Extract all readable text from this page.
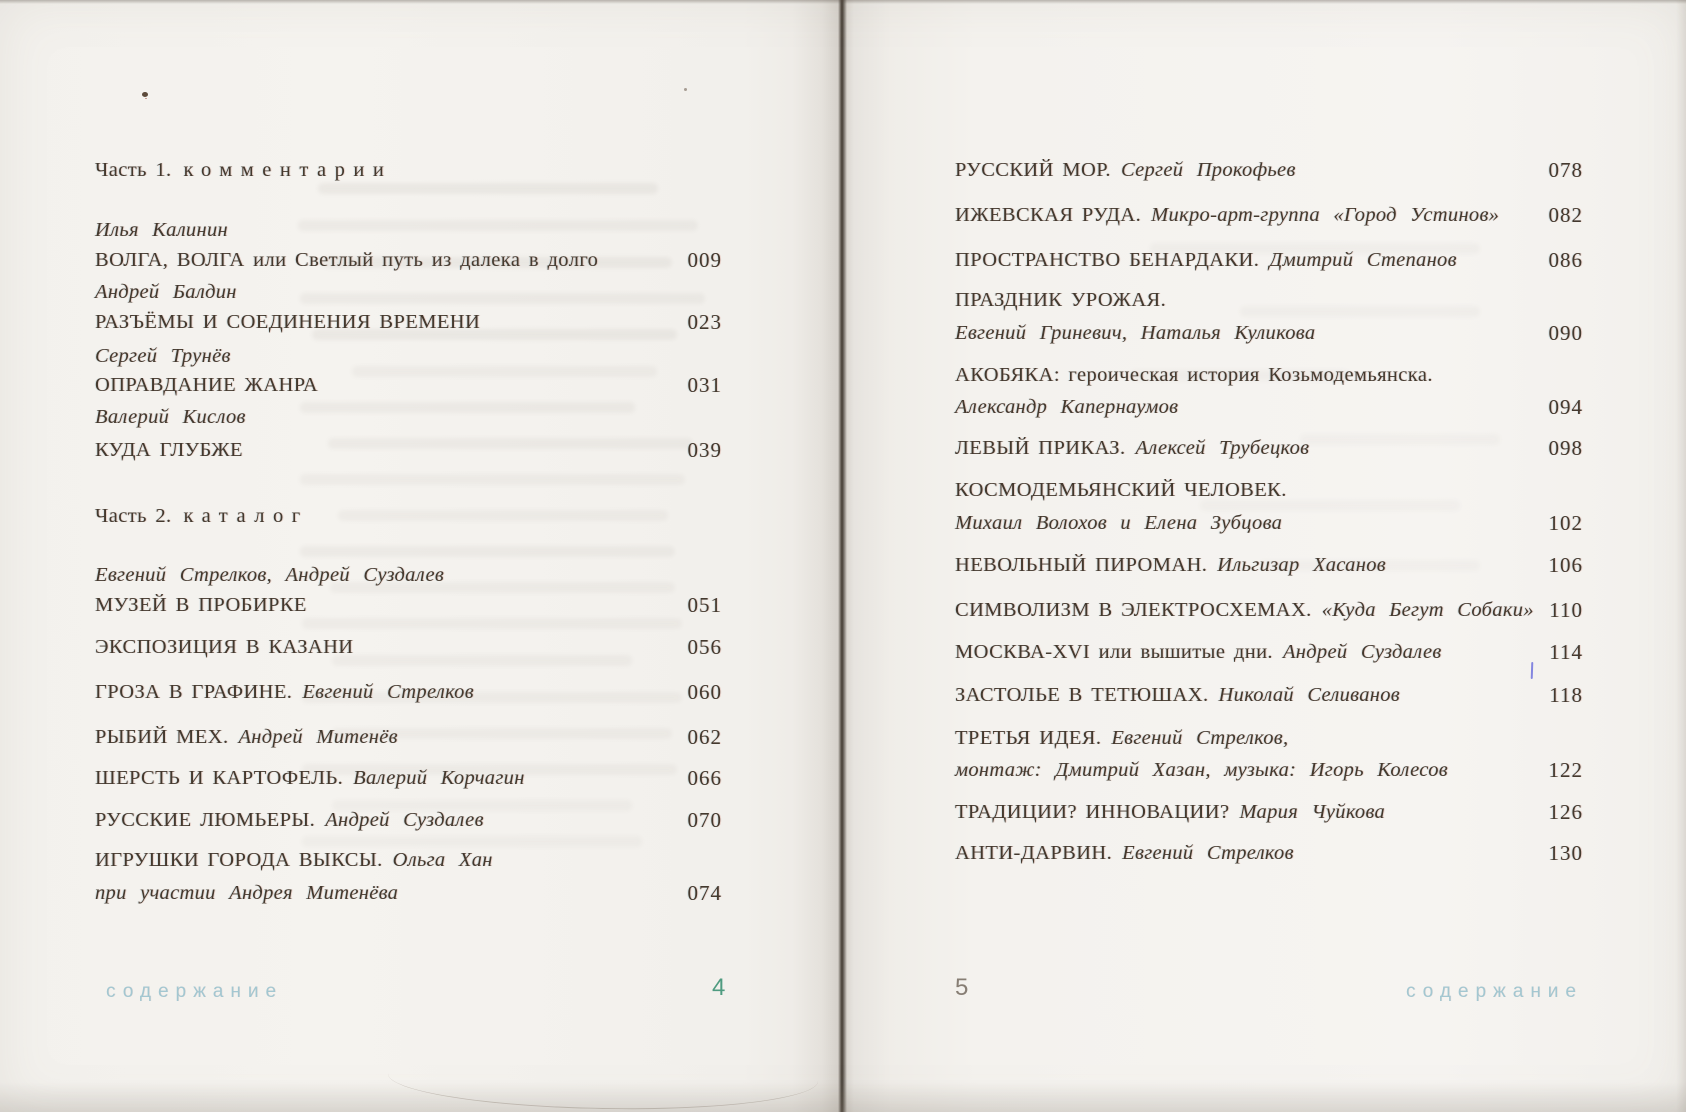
Часть 1. комментарии
Часть 2. каталог
Илья Калинин
ВОЛГА, ВОЛГА или Светлый путь из далека в долго	009
Андрей Балдин
РАЗЪЁМЫ И СОЕДИНЕНИЯ ВРЕМЕНИ	023
Сергей Трунёв
ОПРАВДАНИЕ ЖАНРА	031
Валерий Кислов
КУДА ГЛУБЖЕ	039
Евгений Стрелков, Андрей Суздалев
МУЗЕЙ В ПРОБИРКЕ	051
ЭКСПОЗИЦИЯ В КАЗАНИ	056
ГРОЗА В ГРАФИНЕ. Евгений Стрелков	060
РЫБИЙ МЕХ. Андрей Митенёв	062
ШЕРСТЬ И КАРТОФЕЛЬ. Валерий Корчагин	066
РУССКИЕ ЛЮМЬЕРЫ. Андрей Суздалев	070
ИГРУШКИ ГОРОДА ВЫКСЫ. Ольга Хан
при участии Андрея Митенёва	074
РУССКИЙ МОР. Сергей Прокофьев	078
ИЖЕВСКАЯ РУДА. Микро-арт-группа «Город Устинов» 082
ПРОСТРАНСТВО БЕНАРДАКИ. Дмитрий Степанов	086
ПРАЗДНИК УРОЖАЯ.
Евгений Гриневич, Наталья Куликова	090
АКОБЯКА: героическая история Козьмодемьянска.
Александр Капернаумов	094
ЛЕВЫЙ ПРИКАЗ. Алексей Трубецков	098
КОСМОДЕМЬЯНСКИЙ ЧЕЛОВЕК.
Михаил Волохов и Елена Зубцова	102
НЕВОЛЬНЫЙ ПИРОМАН. Ильгизар Хасанов	106
СИМВОЛИЗМ В ЭЛЕКТРОСХЕМАХ. «Куда Бегут Собаки» 110
МОСКВА-XVI или вышитые дни. Андрей Суздалев	114
ЗАСТОЛЬЕ В ТЕТЮШАХ. Николай Селиванов	118
ТРЕТЬЯ ИДЕЯ. Евгений Стрелков,
монтаж: Дмитрий Хазан, музыка: Игорь Колесов	122
ТРАДИЦИИ? ИННОВАЦИИ? Мария Чуйкова	126
АНТИ-ДАРВИН. Евгений Стрелков	130
содержание	4	5	содержание
